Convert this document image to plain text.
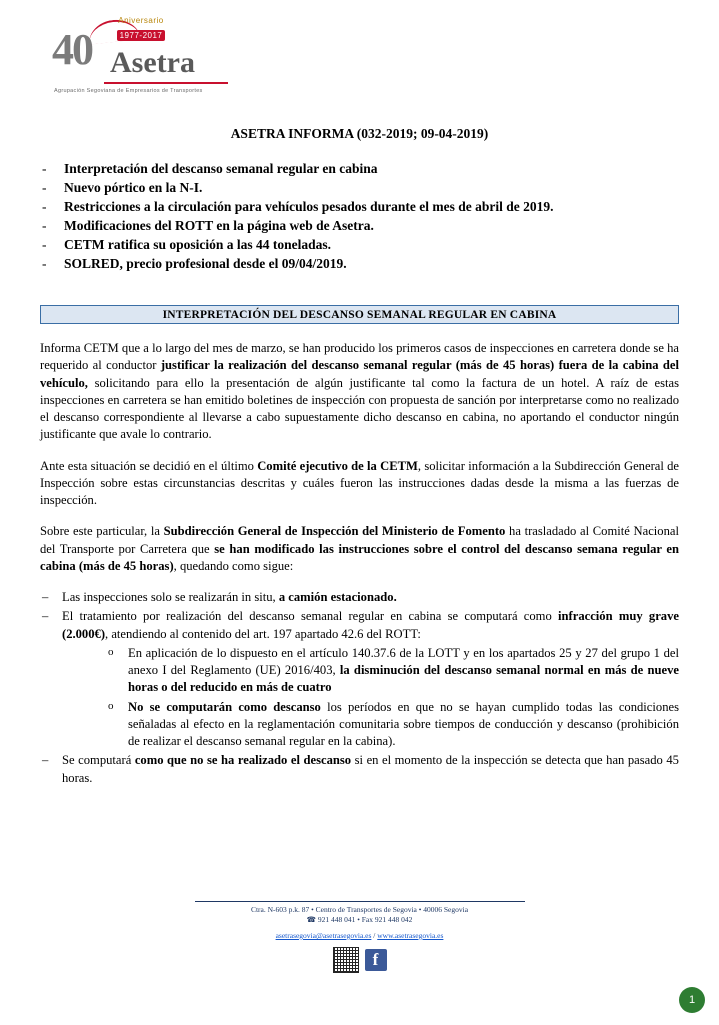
40
Aniversario
1977-2017
Asetra
Agrupación Segoviana de Empresarios de Transportes
ASETRA INFORMA (032-2019; 09-04-2019)
-	Interpretación del descanso semanal regular en cabina
-	Nuevo pórtico en la N-I.
-	Restricciones a la circulación para vehículos pesados durante el mes de abril de 2019.
-	Modificaciones del ROTT en la página web de Asetra.
-	CETM ratifica su oposición a las 44 toneladas.
-	SOLRED, precio profesional desde el 09/04/2019.
INTERPRETACIÓN DEL DESCANSO SEMANAL REGULAR EN CABINA

Informa CETM que a lo largo del mes de marzo, se han producido los primeros casos de inspecciones en carretera donde se ha requerido al conductor justificar la realización del descanso semanal regular (más de 45 horas) fuera de la cabina del vehículo, solicitando para ello la presentación de algún justificante tal como la factura de un hotel. A raíz de estas inspecciones en carretera se han emitido boletines de inspección con propuesta de sanción por interpretarse como no realizado el descanso correspondiente al llevarse a cabo supuestamente dicho descanso en cabina, no aportando el conductor ningún justificante que avale lo contrario.

Ante esta situación se decidió en el último Comité ejecutivo de la CETM, solicitar información a la Subdirección General de Inspección sobre estas circunstancias descritas y cuáles fueron las instrucciones dadas desde la misma a las fuerzas de inspección.

Sobre este particular, la Subdirección General de Inspección del Ministerio de Fomento ha trasladado al Comité Nacional del Transporte por Carretera que se han modificado las instrucciones sobre el control del descanso semana regular en cabina (más de 45 horas), quedando como sigue:

– Las inspecciones solo se realizarán in situ, a camión estacionado.
– El tratamiento por realización del descanso semanal regular en cabina se computará como infracción muy grave (2.000€), atendiendo al contenido del art. 197 apartado 42.6 del ROTT:
o En aplicación de lo dispuesto en el artículo 140.37.6 de la LOTT y en los apartados 25 y 27 del grupo 1 del anexo I del Reglamento (UE) 2016/403, la disminución del descanso semanal normal en más de nueve horas o del reducido en más de cuatro
o No se computarán como descanso los períodos en que no se hayan cumplido todas las condiciones señaladas al efecto en la reglamentación comunitaria sobre tiempos de conducción y descanso (prohibición de realizar el descanso semanal regular en la cabina).
– Se computará como que no se ha realizado el descanso si en el momento de la inspección se detecta que han pasado 45 horas.
Ctra. N-603 p.k. 87 • Centro de Transportes de Segovia • 40006 Segovia
☎ 921 448 041 • Fax 921 448 042
asetrasegovia@asetrasegovia.es / www.asetrasegovia.es
f
1
